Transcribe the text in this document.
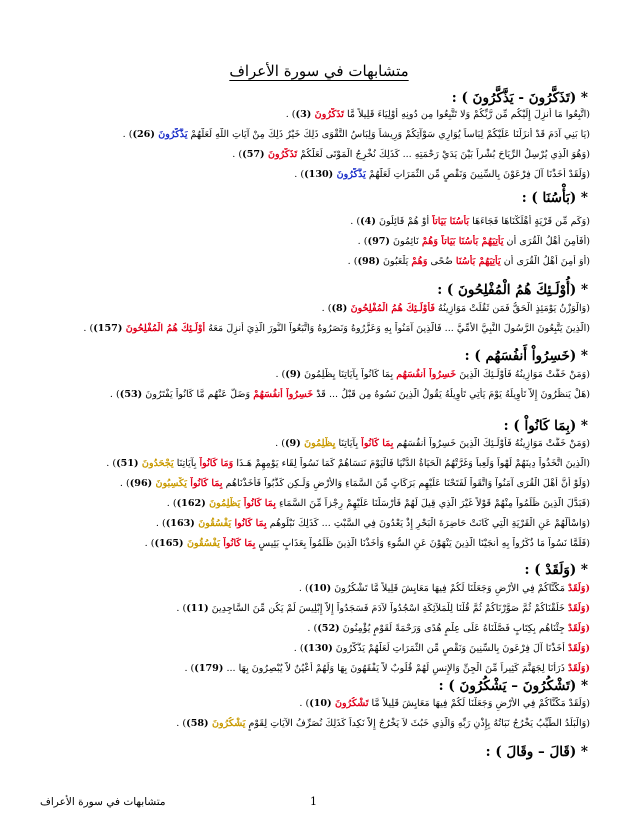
متشابهات في سورة الأعراف
* (تَذَكَّرُونَ - يَذَّكَّرُونَ ) :
(اتَّبِعُوا مَا أُنزِلَ إِلَيْكُم مِّن رَّبِّكُمْ وَلا تَتَّبِعُوا مِن دُونِهِ أَوْلِيَاءَ قَلِيلاً مَّا تَذَكَّرُونَ (3)) .
(يَا بَنِي آدَمَ قَدْ أَنزَلْنَا عَلَيْكُمْ لِبَاساً يُوَارِي سَوْآتِكُمْ وَرِيشاً وَلِبَاسُ التَّقْوَى ذَلِكَ خَيْرٌ ذَلِكَ مِنْ آيَاتِ اللَّهِ لَعَلَّهُمْ يَذَّكَّرُونَ (26)) .
(وَهُوَ الَّذِي يُرْسِلُ الرِّيَاحَ بُشْراً بَيْنَ يَدَيْ رَحْمَتِهِ ... كَذَلِكَ نُخْرِجُ الْمَوْتَى لَعَلَّكُمْ تَذَكَّرُونَ (57)) .
(وَلَقَدْ أَخَذْنَا آلَ فِرْعَوْنَ بِالسِّنِينَ وَنَقْصٍ مِّن الثَّمَرَاتِ لَعَلَّهُمْ يَذَّكَّرُونَ (130)) .
* (بَأْسُنَا ) :
(وَكَم مِّن قَرْيَةٍ أَهْلَكْنَاهَا فَجَاءَهَا بَأْسُنَا بَيَاتاً أَوْ هُمْ قَائِلُونَ (4)) .
(أَفَأَمِنَ أَهْلُ الْقُرَى أَن يَأْتِيَهُمْ بَأْسُنَا بَيَاتاً وَهُمْ نَائِمُونَ (97)) .
(أَوَ أَمِنَ أَهْلُ الْقُرَى أَن يَأْتِيَهُمْ بَأْسُنَا ضُحًى وَهُمْ يَلْعَبُونَ (98)) .
* (أُوْلَـئِكَ هُمُ الْمُفْلِحُونَ ) :
(وَالْوَزْنُ يَوْمَئِذٍ الْحَقُّ فَمَن ثَقُلَتْ مَوَازِينُهُ فَأُوْلَـئِكَ هُمُ الْمُفْلِحُونَ (8)) .
(الَّذِينَ يَتَّبِعُونَ الرَّسُولَ النَّبِيَّ الأُمِّيَّ ... فَالَّذِينَ آمَنُواْ بِهِ وَعَزَّرُوهُ وَنَصَرُوهُ وَاتَّبَعُواْ النُّورَ الَّذِيَ أُنزِلَ مَعَهُ أُوْلَـئِكَ هُمُ الْمُفْلِحُونَ (157)) .
* (خَسِرُواْ أَنفُسَهُم ) :
(وَمَنْ خَفَّتْ مَوَازِينُهُ فَأُوْلَـئِكَ الَّذِينَ خَسِرُواْ أَنفُسَهُم بِمَا كَانُواْ بِآيَاتِنَا يِظْلِمُونَ (9)) .
(هَلْ يَنظُرُونَ إِلاَّ تَأْوِيلَهُ يَوْمَ يَأْتِي تَأْوِيلُهُ يَقُولُ الَّذِينَ نَسُوهُ مِن قَبْلُ ... قَدْ خَسِرُواْ أَنفُسَهُمْ وَضَلَّ عَنْهُم مَّا كَانُواْ يَفْتَرُونَ (53)) .
* (بِمَا كَانُواْ ) :
(وَمَنْ خَفَّتْ مَوَازِينُهُ فَأُوْلَـئِكَ الَّذِينَ خَسِرُواْ أَنفُسَهُم بِمَا كَانُواْ بِآيَاتِنَا يِظْلِمُونَ (9)) .
(الَّذِينَ اتَّخَذُواْ دِينَهُمْ لَهْواً وَلَعِباً وَغَرَّتْهُمُ الْحَيَاةُ الدُّنْيَا فَالْيَوْمَ نَنسَاهُمْ كَمَا نَسُواْ لِقَاء يَوْمِهِمْ هَـذَا وَمَا كَانُواْ بِآيَاتِنَا يَجْحَدُونَ (51)) .
(وَلَوْ أَنَّ أَهْلَ الْقُرَى آمَنُواْ وَاتَّقَواْ لَفَتَحْنَا عَلَيْهِم بَرَكَاتٍ مِّنَ السَّمَاءِ وَالأَرْضِ وَلَـكِن كَذَّبُواْ فَأَخَذْنَاهُم بِمَا كَانُواْ يَكْسِبُونَ (96)) .
(فَبَدَّلَ الَّذِينَ ظَلَمُواْ مِنْهُمْ قَوْلاً غَيْرَ الَّذِي قِيلَ لَهُمْ فَأَرْسَلْنَا عَلَيْهِمْ رِجْزاً مِّنَ السَّمَاءِ بِمَا كَانُواْ يَظْلِمُونَ (162)) .
(وَاسْأَلْهُمْ عَنِ الْقَرْيَةِ الَّتِي كَانَتْ حَاضِرَةَ الْبَحْرِ إِذْ يَعْدُونَ فِي السَّبْتِ ... كَذَلِكَ نَبْلُوهُم بِمَا كَانُوا يَفْسُقُونَ (163)) .
(فَلَمَّا نَسُواْ مَا ذُكِّرُواْ بِهِ أَنجَيْنَا الَّذِينَ يَنْهَوْنَ عَنِ السُّوءِ وَأَخَذْنَا الَّذِينَ ظَلَمُواْ بِعَذَابٍ بَئِيسٍ بِمَا كَانُواْ يَفْسُقُونَ (165)) .
* (وَلَقَدْ ) :
(وَلَقَدْ مَكَّنَّاكُمْ فِي الأَرْضِ وَجَعَلْنَا لَكُمْ فِيهَا مَعَايِشَ قَلِيلاً مَّا تَشْكُرُونَ (10)) .
(وَلَقَدْ خَلَقْنَاكُمْ ثُمَّ صَوَّرْنَاكُمْ ثُمَّ قُلْنَا لِلْمَلآئِكَةِ اسْجُدُواْ لآدَمَ فَسَجَدُواْ إِلاَّ إِبْلِيسَ لَمْ يَكُن مِّنَ السَّاجِدِينَ (11)) .
(وَلَقَدْ جِئْنَاهُم بِكِتَابٍ فَصَّلْنَاهُ عَلَى عِلْمٍ هُدًى وَرَحْمَةً لِّقَوْمٍ يُؤْمِنُونَ (52)) .
(وَلَقَدْ أَخَذْنَا آلَ فِرْعَونَ بِالسِّنِينَ وَنَقْصٍ مِّن الثَّمَرَاتِ لَعَلَّهُمْ يَذَّكَّرُونَ (130)) .
(وَلَقَدْ ذَرَأْنَا لِجَهَنَّمَ كَثِيراً مِّنَ الْجِنِّ وَالإِنسِ لَهُمْ قُلُوبٌ لاَّ يَفْقَهُونَ بِهَا وَلَهُمْ أَعْيُنٌ لاَّ يُبْصِرُونَ بِهَا ... (179)) .
* (تَشْكُرُونَ – يَشْكُرُونَ ) :
(وَلَقَدْ مَكَّنَّاكُمْ فِي الأَرْضِ وَجَعَلْنَا لَكُمْ فِيهَا مَعَايِشَ قَلِيلاً مَّا تَشْكُرُونَ (10)) .
(وَالْبَلَدُ الطَّيِّبُ يَخْرُجُ نَبَاتُهُ بِإِذْنِ رَبِّهِ وَالَّذِي خَبُثَ لاَ يَخْرُجُ إِلاَّ نَكِداً كَذَلِكَ نُصَرِّفُ الآيَاتِ لِقَوْمٍ يَشْكُرُونَ (58)) .
* (قَالَ – وقَالَ ) :
1
متشابهات في سورة الأعراف
